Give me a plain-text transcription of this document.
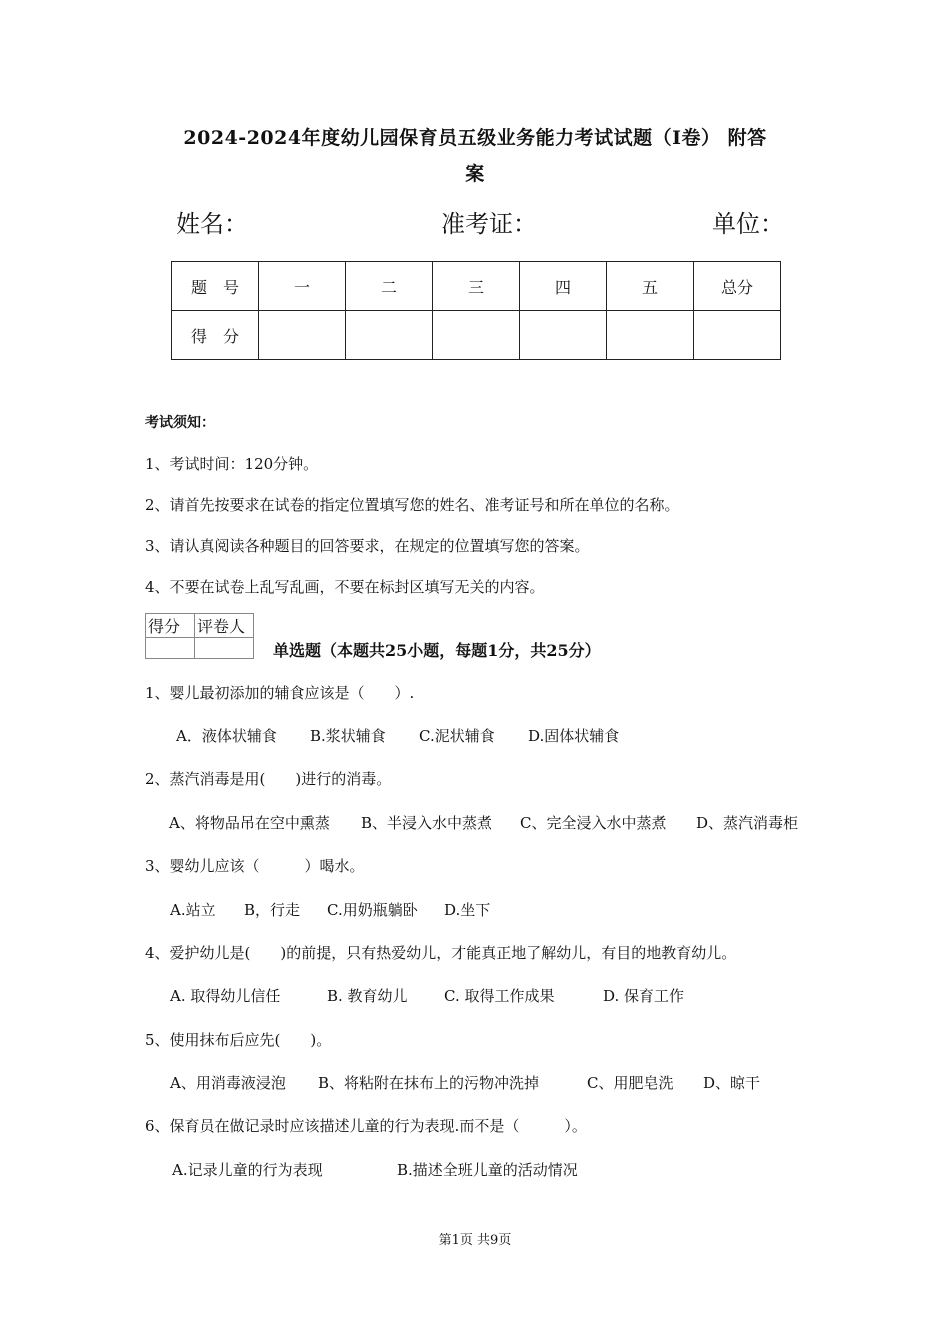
2024-2024年度幼儿园保育员五级业务能力考试试题（I卷） 附答
案
姓名：	准考证：	单位：
题　号	一	二	三	四	五	总分
得　分						
考试须知：
1、考试时间：120分钟。
2、请首先按要求在试卷的指定位置填写您的姓名、准考证号和所在单位的名称。
3、请认真阅读各种题目的回答要求，在规定的位置填写您的答案。
4、不要在试卷上乱写乱画，不要在标封区填写无关的内容。
得分	评卷人

单选题（本题共25小题，每题1分，共25分）
1、婴儿最初添加的辅食应该是（　　）.
A．液体状辅食 B.浆状辅食 C.泥状辅食 D.固体状辅食
2、蒸汽消毒是用(　　)进行的消毒。
A、将物品吊在空中熏蒸 B、半浸入水中蒸煮 C、完全浸入水中蒸煮 D、蒸汽消毒柜
3、婴幼儿应该（　　　）喝水。
A.站立 B，行走 C.用奶瓶躺卧 D.坐下
4、爱护幼儿是(　　)的前提，只有热爱幼儿，才能真正地了解幼儿，有目的地教育幼儿。
A. 取得幼儿信任	B. 教育幼儿 C. 取得工作成果	D. 保育工作
5、使用抹布后应先(　　)。
A、用消毒液浸泡 B、将粘附在抹布上的污物冲洗掉	C、用肥皂洗 D、晾干
6、保育员在做记录时应该描述儿童的行为表现.而不是（　　　）。
A.记录儿童的行为表现	B.描述全班儿童的活动情况
第1页 共9页
